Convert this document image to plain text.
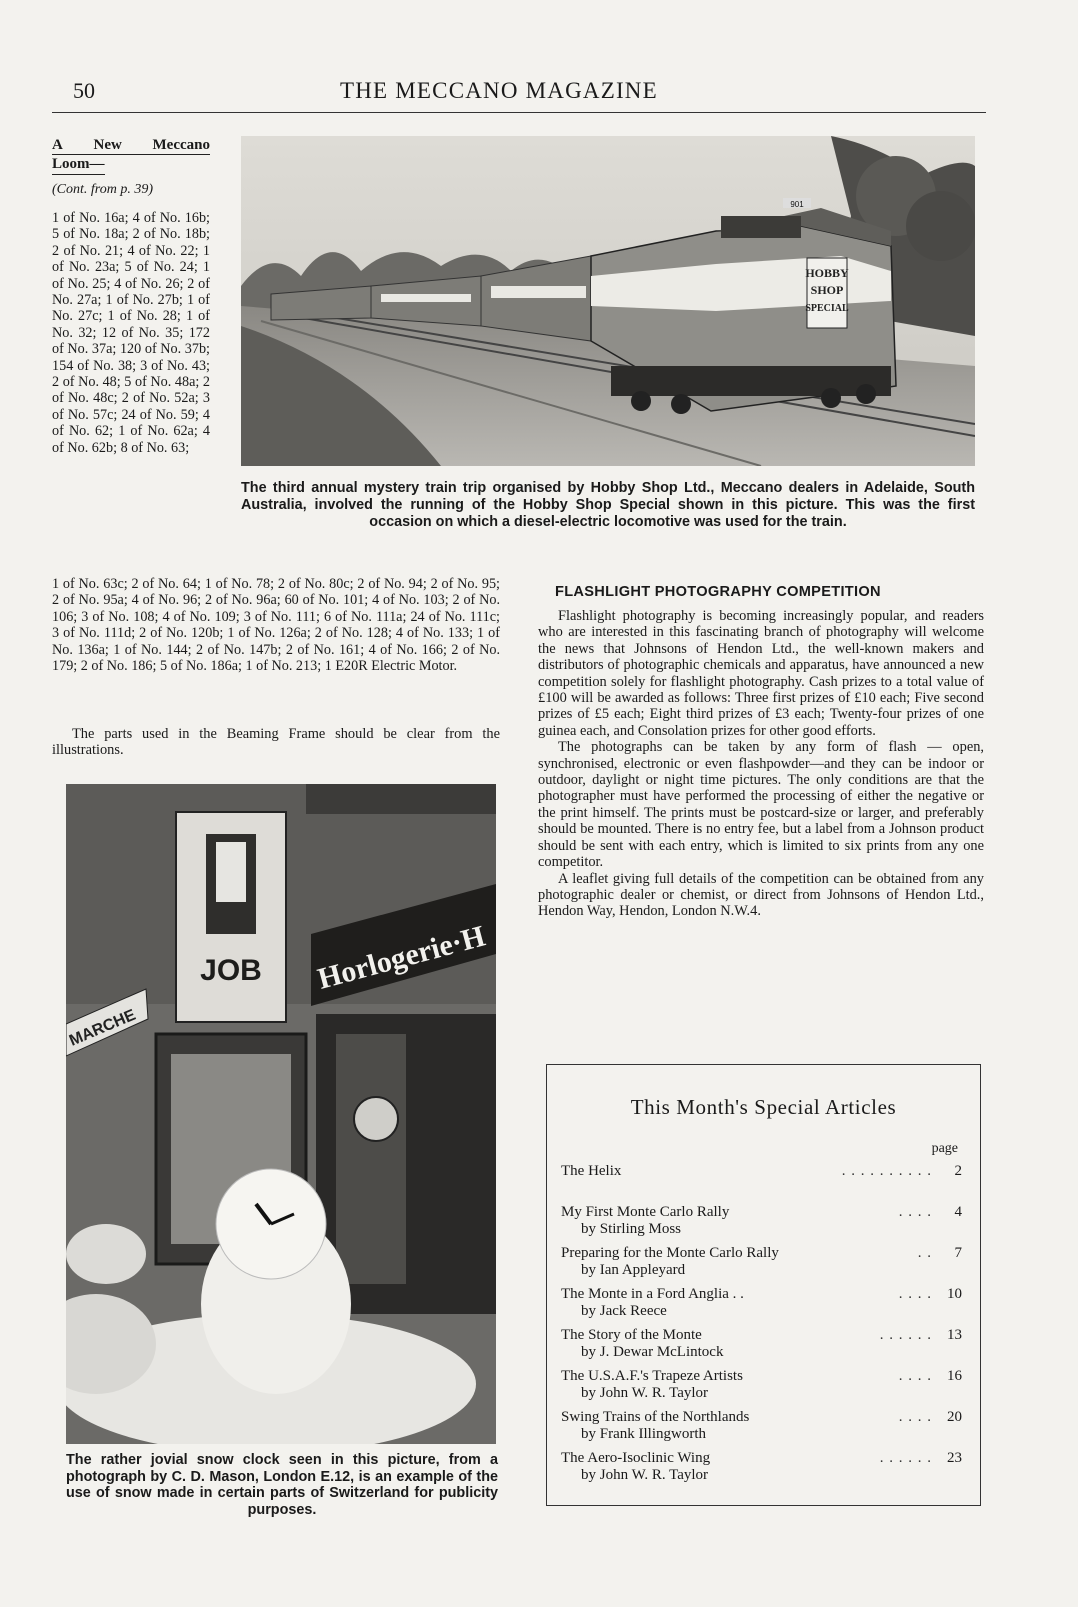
50	THE MECCANO MAGAZINE
A New Meccano
Loom—
(Cont. from p. 39)
1 of No. 16a; 4 of No. 16b; 5 of No. 18a; 2 of No. 18b; 2 of No. 21; 4 of No. 22; 1 of No. 23a; 5 of No. 24; 1 of No. 25; 4 of No. 26; 2 of No. 27a; 1 of No. 27b; 1 of No. 27c; 1 of No. 28; 1 of No. 32; 12 of No. 35; 172 of No. 37a; 120 of No. 37b; 154 of No. 38; 3 of No. 43; 2 of No. 48; 5 of No. 48a; 2 of No. 48c; 2 of No. 52a; 3 of No. 57c; 24 of No. 59; 4 of No. 62; 1 of No. 62a; 4 of No. 62b; 8 of No. 63;
1 of No. 63c; 2 of No. 64; 1 of No. 78; 2 of No. 80c; 2 of No. 94; 2 of No. 95; 2 of No. 95a; 4 of No. 96; 2 of No. 96a; 60 of No. 101; 4 of No. 103; 2 of No. 106; 3 of No. 108; 4 of No. 109; 3 of No. 111; 6 of No. 111a; 24 of No. 111c; 3 of No. 111d; 2 of No. 120b; 1 of No. 126a; 2 of No. 128; 4 of No. 133; 1 of No. 136a; 1 of No. 144; 2 of No. 147b; 2 of No. 161; 4 of No. 166; 2 of No. 179; 2 of No. 186; 5 of No. 186a; 1 of No. 213; 1 E20R Electric Motor.
The parts used in the Beaming Frame should be clear from the illustrations.
HOBBY
SHOP
SPECIAL
901
The third annual mystery train trip organised by Hobby Shop Ltd., Meccano dealers in Adelaide, South Australia, involved the running of the Hobby Shop Special shown in this picture. This was the first occasion on which a diesel-electric locomotive was used for the train.
JOB Horlogerie·H
MARCHE
The rather jovial snow clock seen in this picture, from a photograph by C. D. Mason, London E.12, is an example of the use of snow made in certain parts of Switzerland for publicity purposes.
FLASHLIGHT PHOTOGRAPHY COMPETITION

Flashlight photography is becoming increasingly popular, and readers who are interested in this fascinating branch of photography will welcome the news that Johnsons of Hendon Ltd., the well-known makers and distributors of photographic chemicals and apparatus, have announced a new competition solely for flashlight photography. Cash prizes to a total value of £100 will be awarded as follows: Three first prizes of £10 each; Five second prizes of £5 each; Eight third prizes of £3 each; Twenty-four prizes of one guinea each, and Consolation prizes for other good efforts.

The photographs can be taken by any form of flash — open, synchronised, electronic or even flashpowder—and they can be indoor or outdoor, daylight or night time pictures. The only conditions are that the photographer must have performed the processing of either the negative or the print himself. The prints must be postcard-size or larger, and preferably should be mounted. There is no entry fee, but a label from a Johnson product should be sent with each entry, which is limited to six prints from any one competitor.

A leaflet giving full details of the competition can be obtained from any photographic dealer or chemist, or direct from Johnsons of Hendon Ltd., Hendon Way, Hendon, London N.W.4.

This Month's Special Articles
page
The Helix	. . . . . . . . . . 2
My First Monte Carlo Rally
by Stirling Moss
. . . . 4
Preparing for the Monte Carlo Rally
by Ian Appleyard
. . 7
The Monte in a Ford Anglia . .
by Jack Reece
. . . . 10
The Story of the Monte
by J. Dewar McLintock
. . . . . . 13
The U.S.A.F.'s Trapeze Artists
by John W. R. Taylor
. . . . 16
Swing Trains of the Northlands
by Frank Illingworth
. . . . 20
The Aero-Isoclinic Wing
by John W. R. Taylor
. . . . . . 23
